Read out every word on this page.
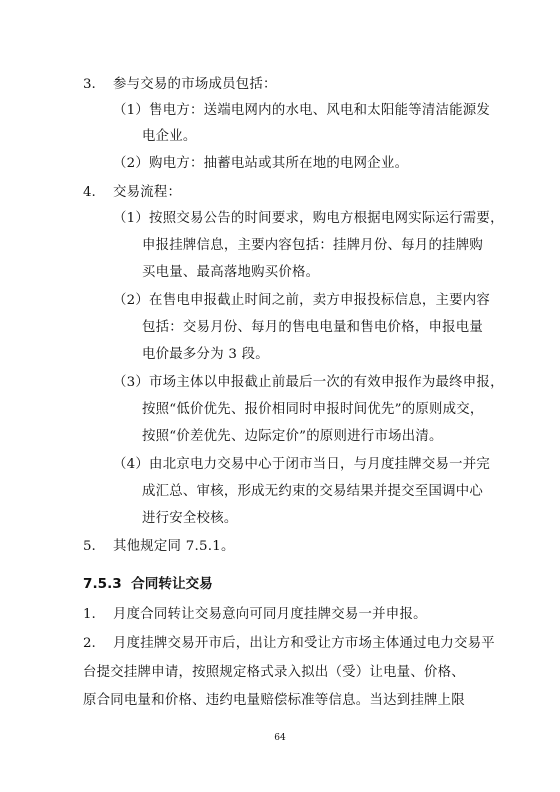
3. 参与交易的市场成员包括：
（1）售电方：送端电网内的水电、风电和太阳能等清洁能源发
电企业。
（2）购电方：抽蓄电站或其所在地的电网企业。
4. 交易流程：
（1）按照交易公告的时间要求，购电方根据电网实际运行需要，
申报挂牌信息，主要内容包括：挂牌月份、每月的挂牌购
买电量、最高落地购买价格。
（2）在售电申报截止时间之前，卖方申报投标信息，主要内容
包括：交易月份、每月的售电电量和售电价格，申报电量
电价最多分为 3 段。
（3）市场主体以申报截止前最后一次的有效申报作为最终申报，
按照“低价优先、报价相同时申报时间优先”的原则成交，
按照“价差优先、边际定价”的原则进行市场出清。
（4）由北京电力交易中心于闭市当日，与月度挂牌交易一并完
成汇总、审核，形成无约束的交易结果并提交至国调中心
进行安全校核。
5. 其他规定同 7.5.1。
7.5.3  合同转让交易
1. 月度合同转让交易意向可同月度挂牌交易一并申报。
2. 月度挂牌交易开市后，出让方和受让方市场主体通过电力交易平
台提交挂牌申请，按照规定格式录入拟出（受）让电量、价格、
原合同电量和价格、违约电量赔偿标准等信息。当达到挂牌上限
64
